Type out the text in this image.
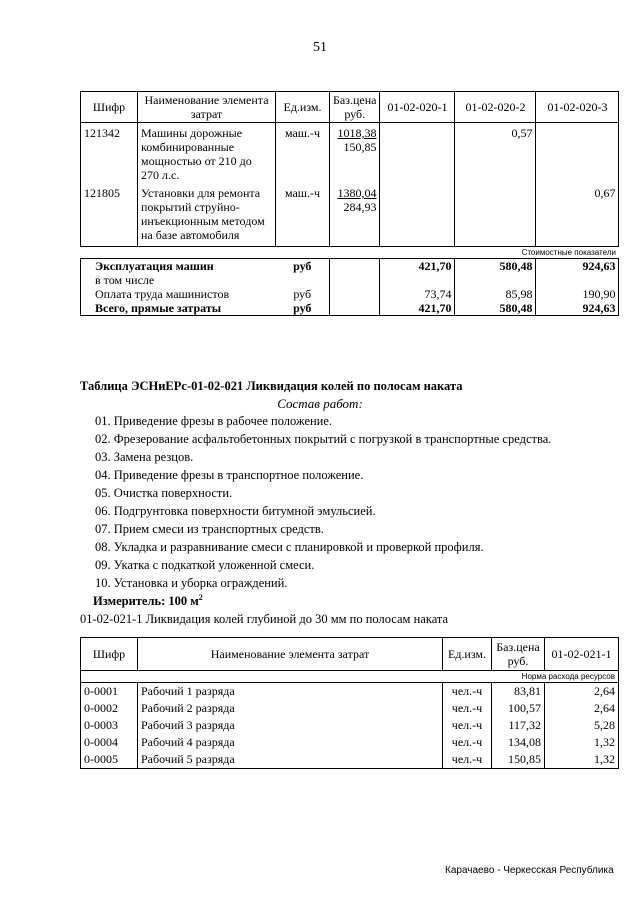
51
Шифр	Наименование элемента затрат	Ед.изм.	Баз.цена руб.	01-02-020-1	01-02-020-2	01-02-020-3
121342	Машины дорожные комбинированные мощностью от 210 до 270 л.с.	маш.-ч	1018,38
150,85		0,57	
121805	Установки для ремонта покрытий струйно-инъекционным методом на базе автомобиля	маш.-ч	1380,04
284,93			0,67
Стоимостные показатели						
Эксплуатация машин		руб		421,70	580,48	924,63
в том числе						
Оплата труда машинистов		руб		73,74	85,98	190,90
Всего, прямые затраты		руб		421,70	580,48	924,63
Таблица ЭСНиЕРс-01-02-021 Ликвидация колей по полосам наката
Состав работ:
01. Приведение фрезы в рабочее положение.
02. Фрезерование асфальтобетонных покрытий с погрузкой в транспортные средства.
03. Замена резцов.
04. Приведение фрезы в транспортное положение.
05. Очистка поверхности.
06. Подгрунтовка поверхности битумной эмульсией.
07. Прием смеси из транспортных средств.
08. Укладка и разравнивание смеси с планировкой и проверкой профиля.
09. Укатка с подкаткой уложенной смеси.
10. Установка и уборка ограждений.
Измеритель: 100 $м^2$
01-02-021-1 Ликвидация колей глубиной до 30 мм по полосам наката
Шифр	Наименование элемента затрат	Ед.изм.	Баз.цена руб.	01-02-021-1
Норма расхода ресурсов				
0-0001	Рабочий 1 разряда	чел.-ч	83,81	2,64
0-0002	Рабочий 2 разряда	чел.-ч	100,57	2,64
0-0003	Рабочий 3 разряда	чел.-ч	117,32	5,28
0-0004	Рабочий 4 разряда	чел.-ч	134,08	1,32
0-0005	Рабочий 5 разряда	чел.-ч	150,85	1,32
Карачаево - Черкесская Республика
